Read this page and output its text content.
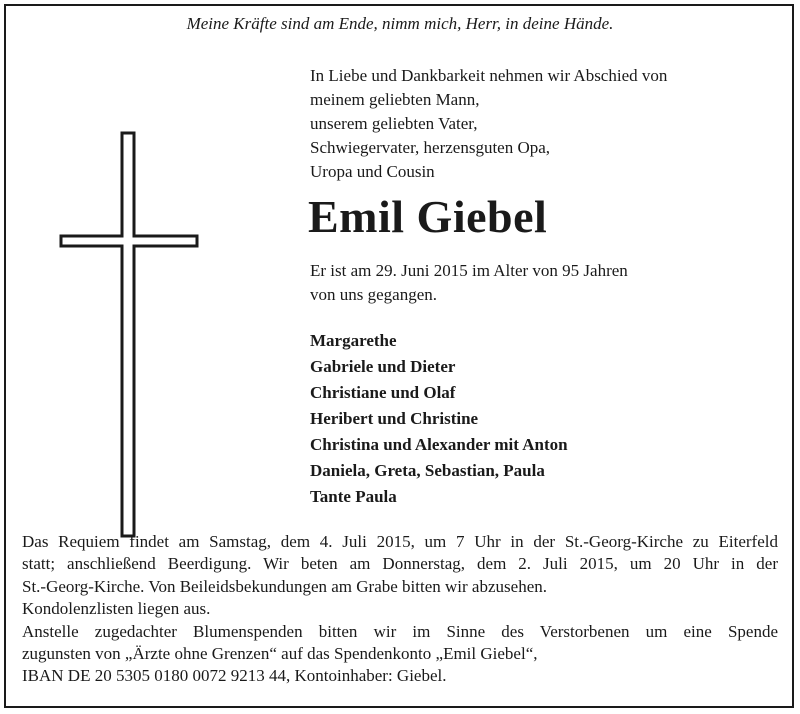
Meine Kräfte sind am Ende, nimm mich, Herr, in deine Hände.
In Liebe und Dankbarkeit nehmen wir Abschied von
meinem geliebten Mann,
unserem geliebten Vater,
Schwiegervater, herzensguten Opa,
Uropa und Cousin
Emil Giebel
Er ist am 29. Juni 2015 im Alter von 95 Jahren
von uns gegangen.
Margarethe
Gabriele und Dieter
Christiane und Olaf
Heribert und Christine
Christina und Alexander mit Anton
Daniela, Greta, Sebastian, Paula
Tante Paula
Das Requiem findet am Samstag, dem 4. Juli 2015, um 7 Uhr in der St.-Georg-Kirche zu Eiterfeld
statt; anschließend Beerdigung. Wir beten am Donnerstag, dem 2. Juli 2015, um 20 Uhr in der
St.-Georg-Kirche. Von Beileidsbekundungen am Grabe bitten wir abzusehen.
Kondolenzlisten liegen aus.
Anstelle zugedachter Blumenspenden bitten wir im Sinne des Verstorbenen um eine Spende
zugunsten von „Ärzte ohne Grenzen“ auf das Spendenkonto „Emil Giebel“,
IBAN DE 20 5305 0180 0072 9213 44, Kontoinhaber: Giebel.
